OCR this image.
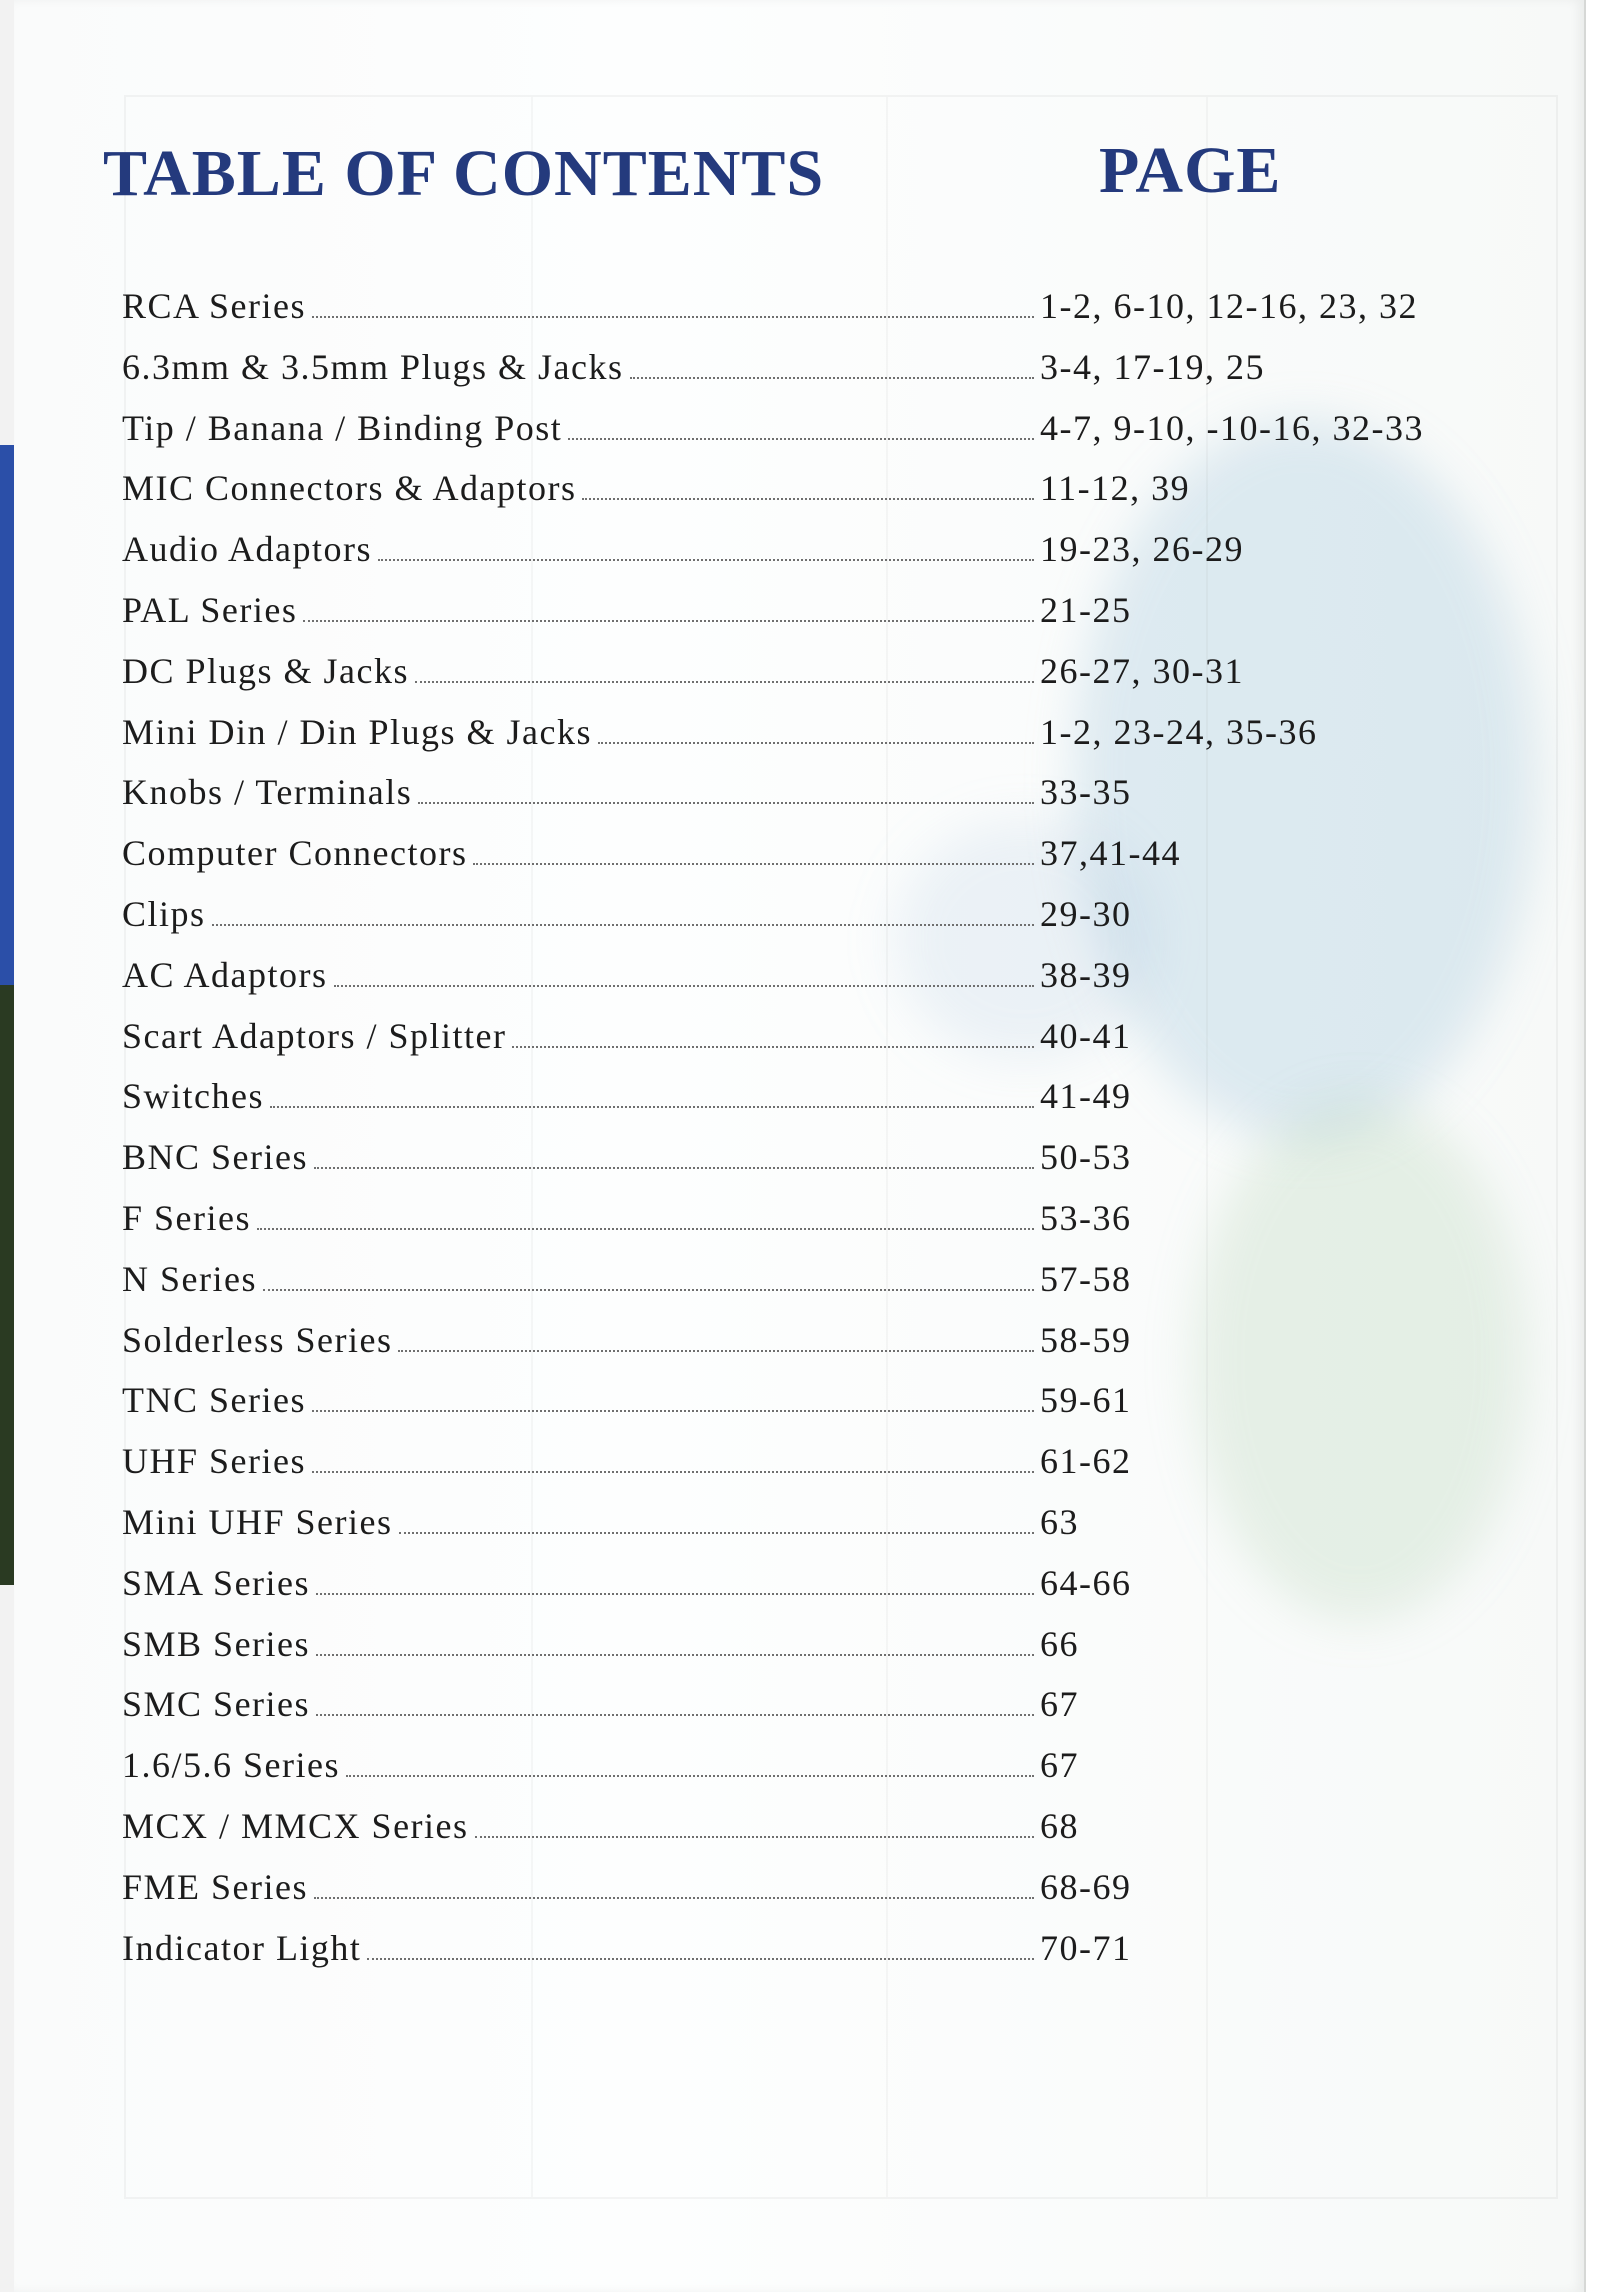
TABLE OF CONTENTS	PAGE
RCA Series	1-2, 6-10, 12-16, 23, 32
6.3mm & 3.5mm Plugs & Jacks	3-4, 17-19, 25
Tip / Banana / Binding Post	4-7, 9-10, -10-16, 32-33
MIC Connectors & Adaptors	11-12, 39
Audio Adaptors	19-23, 26-29
PAL Series	21-25
DC Plugs & Jacks	26-27, 30-31
Mini Din / Din Plugs & Jacks	1-2, 23-24, 35-36
Knobs / Terminals	33-35
Computer Connectors	37,41-44
Clips	29-30
AC Adaptors	38-39
Scart Adaptors / Splitter	40-41
Switches	41-49
BNC Series	50-53
F Series	53-36
N Series	57-58
Solderless Series	58-59
TNC Series	59-61
UHF Series	61-62
Mini UHF Series	63
SMA Series	64-66
SMB Series	66
SMC Series	67
1.6/5.6 Series	67
MCX / MMCX Series	68
FME Series	68-69
Indicator Light	70-71
